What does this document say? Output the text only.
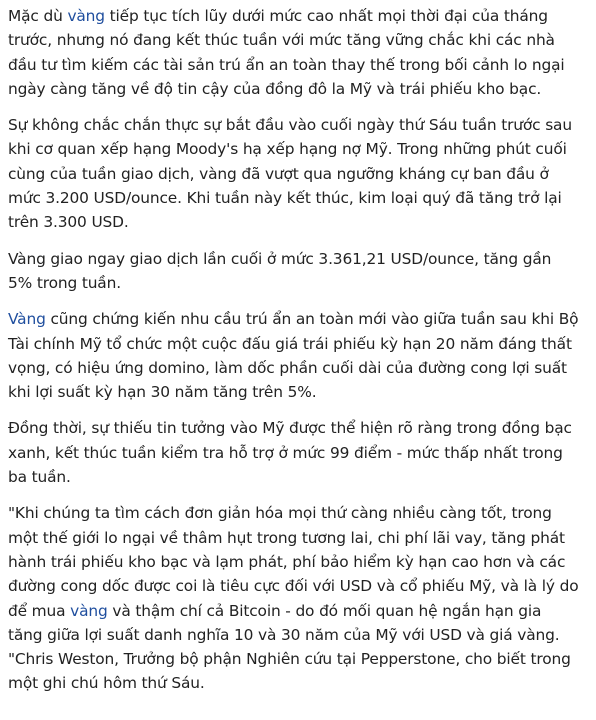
Mặc dù vàng tiếp tục tích lũy dưới mức cao nhất mọi thời đại của tháng trước, nhưng nó đang kết thúc tuần với mức tăng vững chắc khi các nhà đầu tư tìm kiếm các tài sản trú ẩn an toàn thay thế trong bối cảnh lo ngại ngày càng tăng về độ tin cậy của đồng đô la Mỹ và trái phiếu kho bạc.

Sự không chắc chắn thực sự bắt đầu vào cuối ngày thứ Sáu tuần trước sau khi cơ quan xếp hạng Moody's hạ xếp hạng nợ Mỹ. Trong những phút cuối cùng của tuần giao dịch, vàng đã vượt qua ngưỡng kháng cự ban đầu ở mức 3.200 USD/ounce. Khi tuần này kết thúc, kim loại quý đã tăng trở lại trên 3.300 USD.

Vàng giao ngay giao dịch lần cuối ở mức 3.361,21 USD/ounce, tăng gần 5% trong tuần.

Vàng cũng chứng kiến nhu cầu trú ẩn an toàn mới vào giữa tuần sau khi Bộ Tài chính Mỹ tổ chức một cuộc đấu giá trái phiếu kỳ hạn 20 năm đáng thất vọng, có hiệu ứng domino, làm dốc phần cuối dài của đường cong lợi suất khi lợi suất kỳ hạn 30 năm tăng trên 5%.

Đồng thời, sự thiếu tin tưởng vào Mỹ được thể hiện rõ ràng trong đồng bạc xanh, kết thúc tuần kiểm tra hỗ trợ ở mức 99 điểm - mức thấp nhất trong ba tuần.

"Khi chúng ta tìm cách đơn giản hóa mọi thứ càng nhiều càng tốt, trong một thế giới lo ngại về thâm hụt trong tương lai, chi phí lãi vay, tăng phát hành trái phiếu kho bạc và lạm phát, phí bảo hiểm kỳ hạn cao hơn và các đường cong dốc được coi là tiêu cực đối với USD và cổ phiếu Mỹ, và là lý do để mua vàng và thậm chí cả Bitcoin - do đó mối quan hệ ngắn hạn gia tăng giữa lợi suất danh nghĩa 10 và 30 năm của Mỹ với USD và giá vàng. "Chris Weston, Trưởng bộ phận Nghiên cứu tại Pepperstone, cho biết trong một ghi chú hôm thứ Sáu.
